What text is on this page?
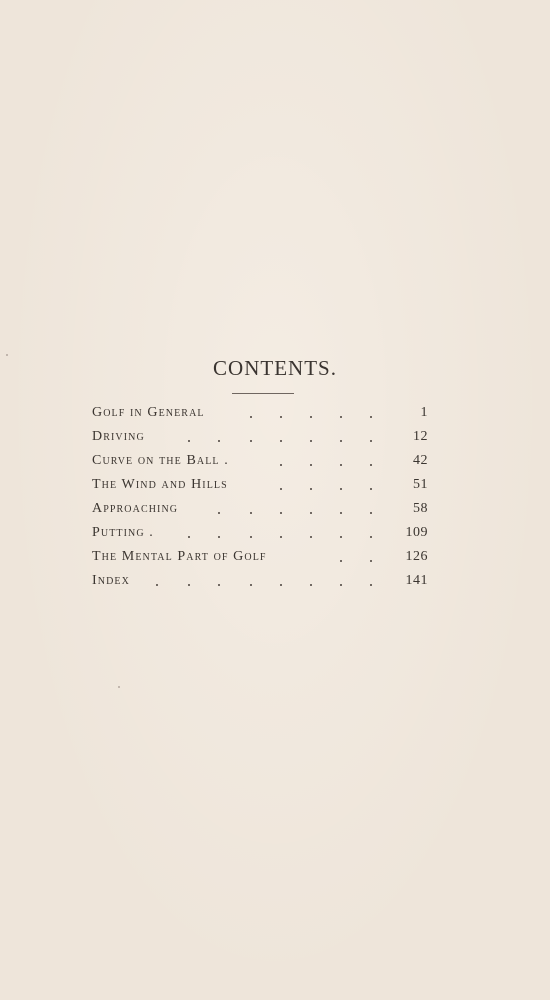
CONTENTS.
Golf in General	1
Driving	12
Curve on the Ball .	42
The Wind and Hills	51
Approaching	58
Putting .	109
The Mental Part of Golf	126
Index	141
